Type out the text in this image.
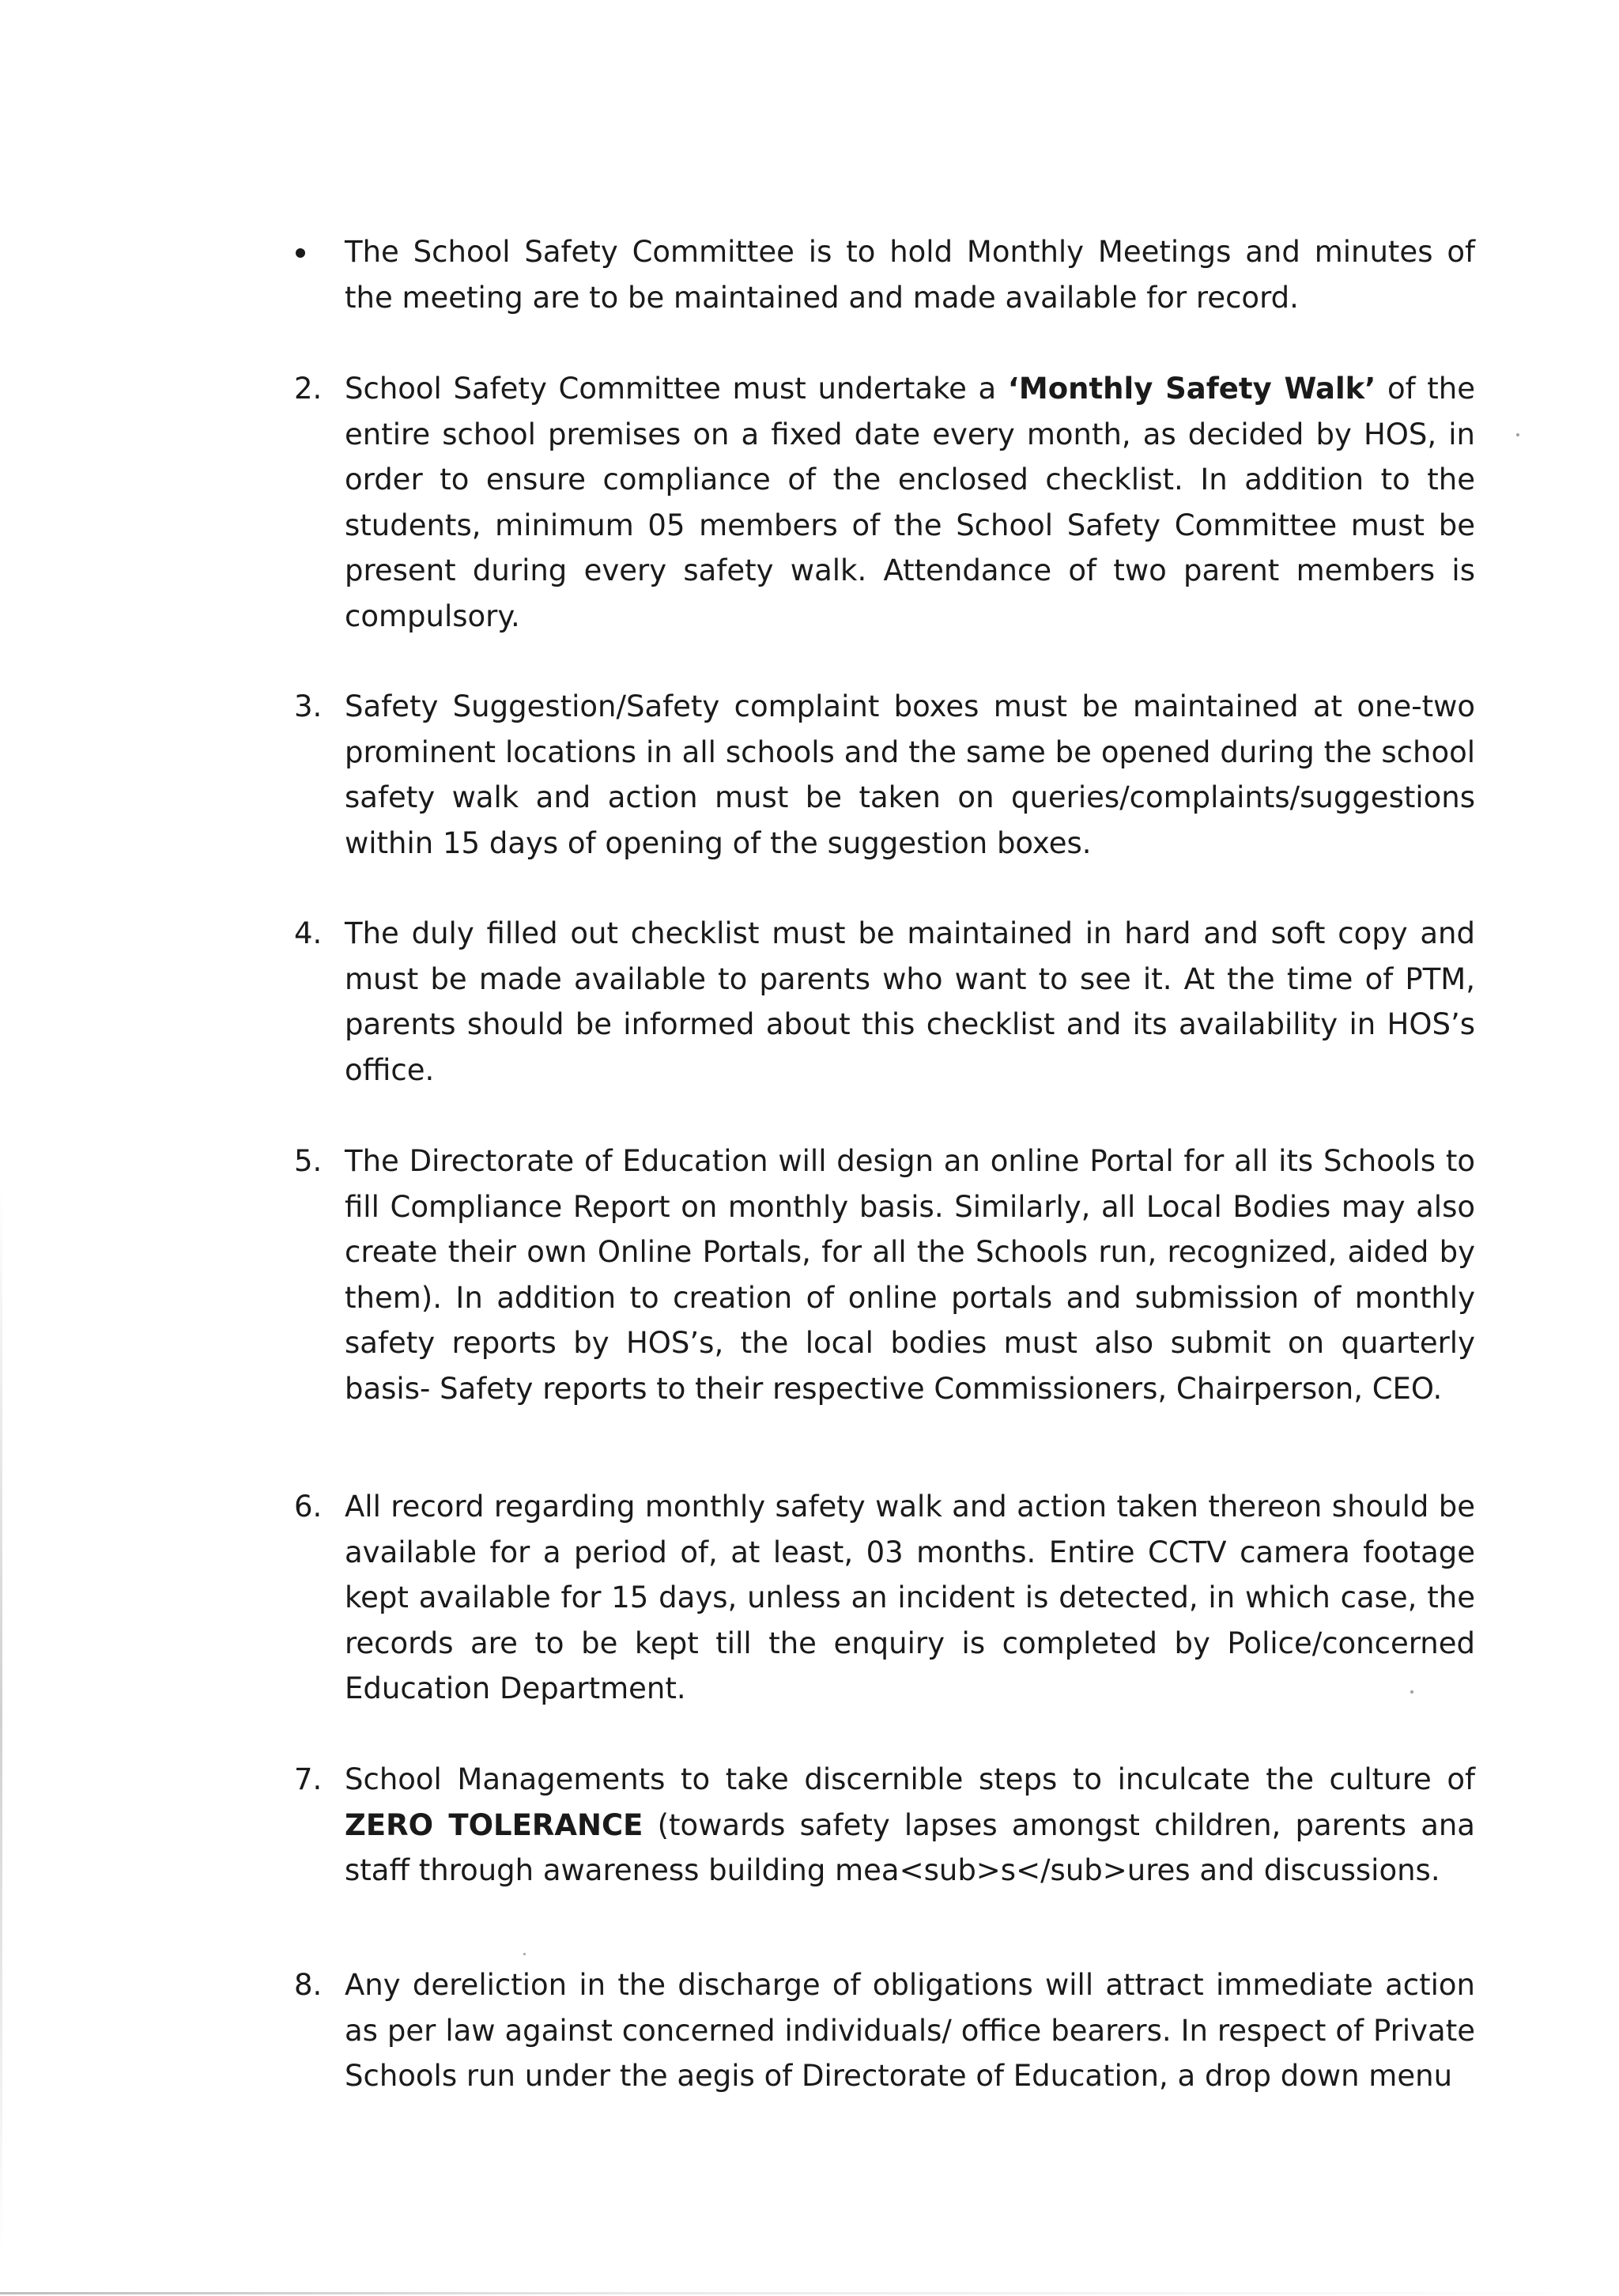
The School Safety Committee is to hold Monthly Meetings and minutes of the meeting are to be maintained and made available for record.
2. School Safety Committee must undertake a ‘Monthly Safety Walk’ of the entire school premises on a fixed date every month, as decided by HOS, in order to ensure compliance of the enclosed checklist. In addition to the students, minimum 05 members of the School Safety Committee must be present during every safety walk. Attendance of two parent members is compulsory.
3. Safety Suggestion/Safety complaint boxes must be maintained at one-two prominent locations in all schools and the same be opened during the school safety walk and action must be taken on queries/complaints/suggestions within 15 days of opening of the suggestion boxes.
4. The duly filled out checklist must be maintained in hard and soft copy and must be made available to parents who want to see it. At the time of PTM, parents should be informed about this checklist and its availability in HOS’s office.
5. The Directorate of Education will design an online Portal for all its Schools to fill Compliance Report on monthly basis. Similarly, all Local Bodies may also create their own Online Portals, for all the Schools run, recognized, aided by them). In addition to creation of online portals and submission of monthly safety reports by HOS’s, the local bodies must also submit on quarterly basis- Safety reports to their respective Commissioners, Chairperson, CEO.
6. All record regarding monthly safety walk and action taken thereon should be available for a period of, at least, 03 months. Entire CCTV camera footage kept available for 15 days, unless an incident is detected, in which case, the records are to be kept till the enquiry is completed by Police/concerned Education Department.
7. School Managements to take discernible steps to inculcate the culture of ZERO TOLERANCE (towards safety lapses amongst children, parents ana staff through awareness building mea<sub>s</sub>ures and discussions.
8. Any dereliction in the discharge of obligations will attract immediate action as per law against concerned individuals/ office bearers. In respect of Private Schools run under the aegis of Directorate of Education, a drop down menu
